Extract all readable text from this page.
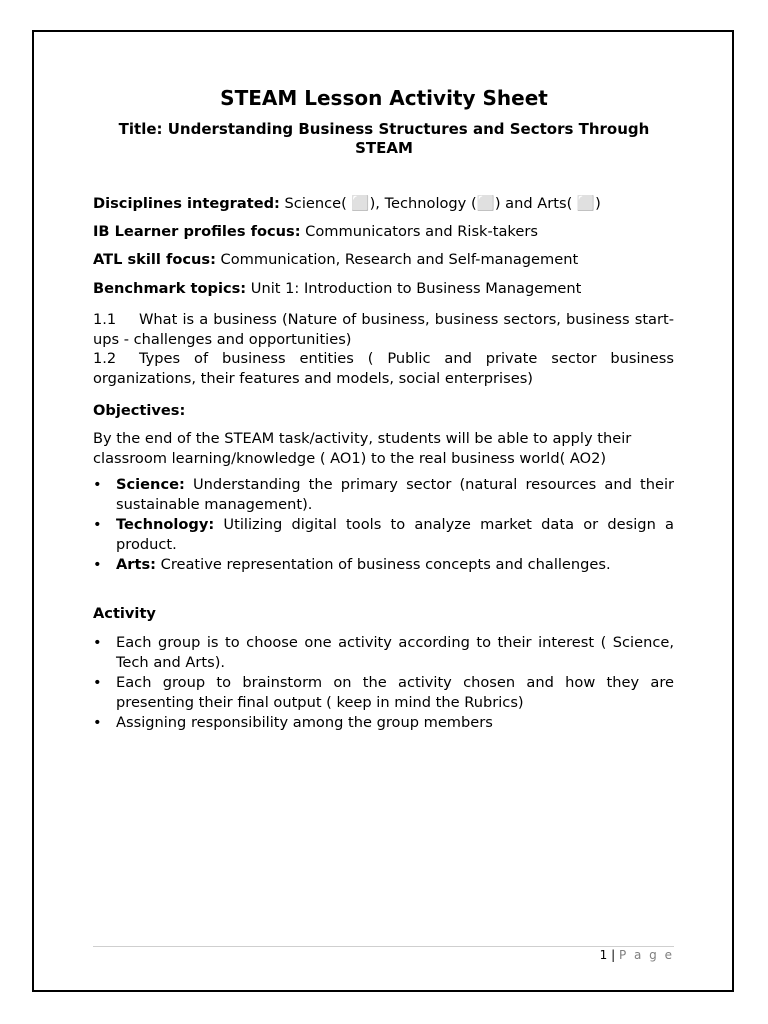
STEAM Lesson Activity Sheet
Title: Understanding Business Structures and Sectors Through STEAM
Disciplines integrated: Science( ⬜), Technology (⬜) and Arts( ⬜)
IB Learner profiles focus: Communicators and Risk-takers
ATL skill focus: Communication, Research and Self-management
Benchmark topics: Unit 1: Introduction to Business Management
1.1 What is a business (Nature of business, business sectors, business start-ups - challenges and opportunities)
1.2 Types of business entities ( Public and private sector business organizations, their features and models, social enterprises)
Objectives:
By the end of the STEAM task/activity, students will be able to apply their classroom learning/knowledge ( AO1) to the real business world( AO2)
• Science: Understanding the primary sector (natural resources and their sustainable management).
• Technology: Utilizing digital tools to analyze market data or design a product.
• Arts: Creative representation of business concepts and challenges.
Activity
• Each group is to choose one activity according to their interest ( Science, Tech and Arts).
• Each group to brainstorm on the activity chosen and how they are presenting their final output ( keep in mind the Rubrics)
• Assigning responsibility among the group members
1 | P a g e
